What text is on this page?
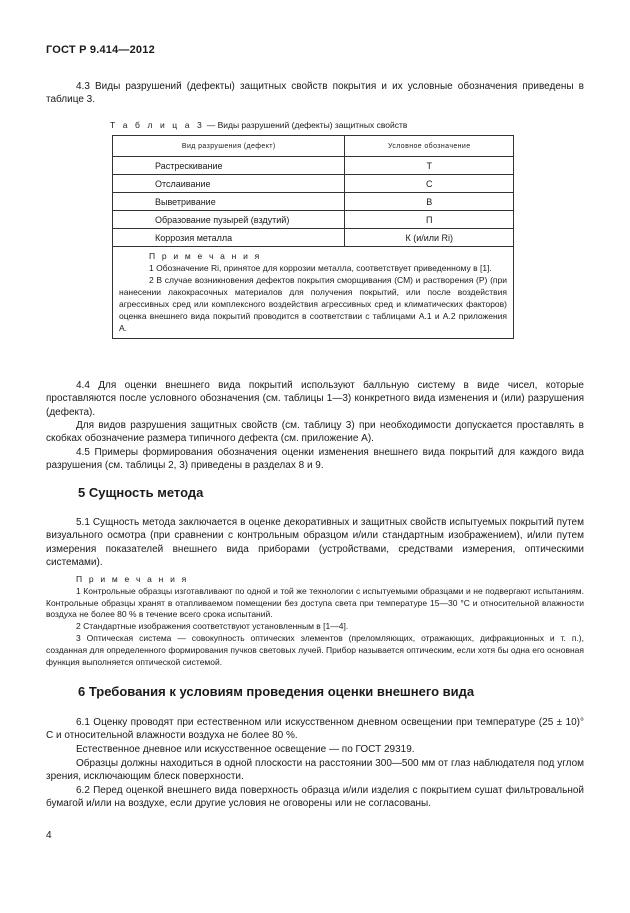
ГОСТ Р 9.414—2012

4.3 Виды разрушений (дефекты) защитных свойств покрытия и их условные обозначения приведены в таблице 3.

Т а б л и ц а 3 — Виды разрушений (дефекты) защитных свойств
Вид разрушения (дефект)	Условное обозначение
Растрескивание	Т
Отслаивание	С
Выветривание	В
Образование пузырей (вздутий)	П
Коррозия металла	К (и/или Ri)

П р и м е ч а н и я
1 Обозначение Ri, принятое для коррозии металла, соответствует приведенному в [1].
2 В случае возникновения дефектов покрытия сморщивания (СМ) и растворения (Р) (при нанесении лакокрасочных материалов для получения покрытий, или после воздействия агрессивных сред или комплексного воздействия агрессивных сред и климатических факторов) оценка внешнего вида покрытий проводится в соответствии с таблицами А.1 и А.2 приложения А.	

4.4 Для оценки внешнего вида покрытий используют балльную систему в виде чисел, которые проставляются после условного обозначения (см. таблицы 1—3) конкретного вида изменения и (или) разрушения (дефекта).

Для видов разрушения защитных свойств (см. таблицу 3) при необходимости допускается проставлять в скобках обозначение размера типичного дефекта (см. приложение А).

4.5 Примеры формирования обозначения оценки изменения внешнего вида покрытий для каждого вида разрушения (см. таблицы 2, 3) приведены в разделах 8 и 9.

5 Сущность метода

5.1 Сущность метода заключается в оценке декоративных и защитных свойств испытуемых покрытий путем визуального осмотра (при сравнении с контрольным образцом и/или стандартным изображением), и/или путем измерения показателей внешнего вида приборами (устройствами, средствами измерения, оптическими системами).

П р и м е ч а н и я
1 Контрольные образцы изготавливают по одной и той же технологии с испытуемыми образцами и не подвергают испытаниям. Контрольные образцы хранят в отапливаемом помещении без доступа света при температуре 15—30 °С и относительной влажности воздуха не более 80 % в течение всего срока испытаний.
2 Стандартные изображения соответствуют установленным в [1—4].
3 Оптическая система — совокупность оптических элементов (преломляющих, отражающих, дифракционных и т. п.), созданная для определенного формирования пучков световых лучей. Прибор называется оптическим, если хотя бы одна его основная функция выполняется оптической системой.
6 Требования к условиям проведения оценки внешнего вида

6.1 Оценку проводят при естественном или искусственном дневном освещении при температуре (25 ± 10)° С и относительной влажности воздуха не более 80 %.

Естественное дневное или искусственное освещение — по ГОСТ 29319.

Образцы должны находиться в одной плоскости на расстоянии 300—500 мм от глаз наблюдателя под углом зрения, исключающим блеск поверхности.

6.2 Перед оценкой внешнего вида поверхность образца и/или изделия с покрытием сушат фильтровальной бумагой и/или на воздухе, если другие условия не оговорены или не согласованы.

4
